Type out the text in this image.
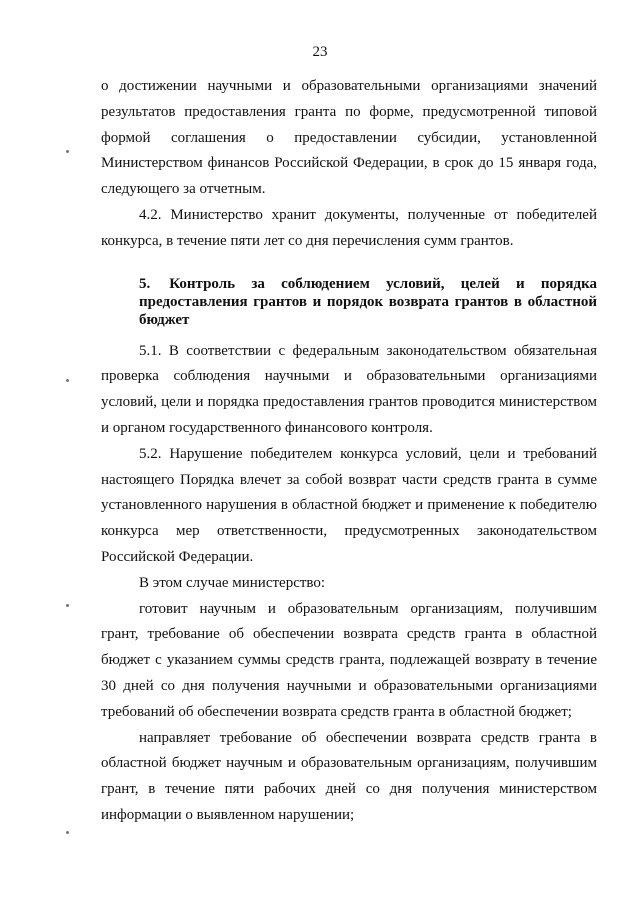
23

о достижении научными и образовательными организациями значений результатов предоставления гранта по форме, предусмотренной типовой формой соглашения о предоставлении субсидии, установленной Министерством финансов Российской Федерации, в срок до 15 января года, следующего за отчетным.

4.2. Министерство хранит документы, полученные от победителей конкурса, в течение пяти лет со дня перечисления сумм грантов.

5. Контроль за соблюдением условий, целей и порядка предоставления грантов и порядок возврата грантов в областной бюджет

5.1. В соответствии с федеральным законодательством обязательная проверка соблюдения научными и образовательными организациями условий, цели и порядка предоставления грантов проводится министерством и органом государственного финансового контроля.

5.2. Нарушение победителем конкурса условий, цели и требований настоящего Порядка влечет за собой возврат части средств гранта в сумме установленного нарушения в областной бюджет и применение к победителю конкурса мер ответственности, предусмотренных законодательством Российской Федерации.

В этом случае министерство:

готовит научным и образовательным организациям, получившим грант, требование об обеспечении возврата средств гранта в областной бюджет с указанием суммы средств гранта, подлежащей возврату в течение 30 дней со дня получения научными и образовательными организациями требований об обеспечении возврата средств гранта в областной бюджет;

направляет требование об обеспечении возврата средств гранта в областной бюджет научным и образовательным организациям, получившим грант, в течение пяти рабочих дней со дня получения министерством информации о выявленном нарушении;
